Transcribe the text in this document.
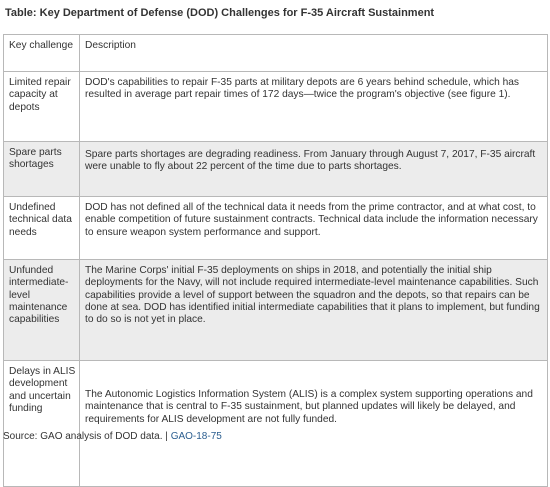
Table: Key Department of Defense (DOD) Challenges for F-35 Aircraft Sustainment
Key challenge	Description
Limited repair capacity at depots	DOD's capabilities to repair F-35 parts at military depots are 6 years behind schedule, which has resulted in average part repair times of 172 days—twice the program's objective (see figure 1).
Spare parts shortages	Spare parts shortages are degrading readiness. From January through August 7, 2017, F-35 aircraft were unable to fly about 22 percent of the time due to parts shortages.
Undefined technical data needs	DOD has not defined all of the technical data it needs from the prime contractor, and at what cost, to enable competition of future sustainment contracts. Technical data include the information necessary to ensure weapon system performance and support.
Unfunded intermediate-level maintenance capabilities	The Marine Corps' initial F-35 deployments on ships in 2018, and potentially the initial ship deployments for the Navy, will not include required intermediate-level maintenance capabilities. Such capabilities provide a level of support between the squadron and the depots, so that repairs can be done at sea. DOD has identified initial intermediate capabilities that it plans to implement, but funding to do so is not yet in place.
Delays in ALIS development and uncertain funding	The Autonomic Logistics Information System (ALIS) is a complex system supporting operations and maintenance that is central to F-35 sustainment, but planned updates will likely be delayed, and requirements for ALIS development are not fully funded.
Source: GAO analysis of DOD data. | GAO-18-75
